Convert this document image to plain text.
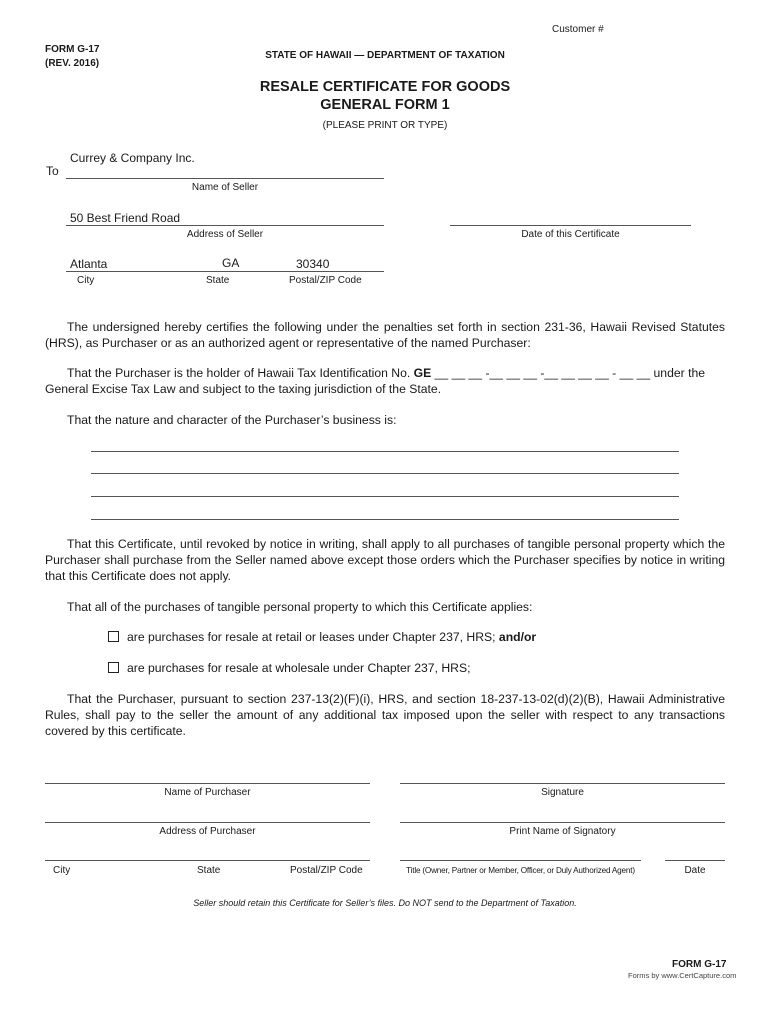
Customer #
FORM G-17
(REV. 2016)
STATE OF HAWAII — DEPARTMENT OF TAXATION
RESALE CERTIFICATE FOR GOODS
GENERAL FORM 1
(PLEASE PRINT OR TYPE)
To
Currey & Company Inc.
Name of Seller
50 Best Friend Road
Address of Seller	Date of this Certificate
Atlanta	GA	30340
City	State	Postal/ZIP Code
The undersigned hereby certifies the following under the penalties set forth in section 231-36, Hawaii Revised Statutes (HRS), as Purchaser or as an authorized agent or representative of the named Purchaser:
That the Purchaser is the holder of Hawaii Tax Identification No. GE __ __ __ -__ __ __ -__ __ __ __ - __ __ under the
General Excise Tax Law and subject to the taxing jurisdiction of the State.
That the nature and character of the Purchaser’s business is:
That this Certificate, until revoked by notice in writing, shall apply to all purchases of tangible personal property which the Purchaser shall purchase from the Seller named above except those orders which the Purchaser specifies by notice in writing that this Certificate does not apply.
That all of the purchases of tangible personal property to which this Certificate applies:
are purchases for resale at retail or leases under Chapter 237, HRS; and/or
are purchases for resale at wholesale under Chapter 237, HRS;
That the Purchaser, pursuant to section 237-13(2)(F)(i), HRS, and section 18-237-13-02(d)(2)(B), Hawaii Administrative Rules, shall pay to the seller the amount of any additional tax imposed upon the seller with respect to any transactions covered by this certificate.
Name of Purchaser	Signature
Address of Purchaser	Print Name of Signatory
City	State	Postal/ZIP Code	Title (Owner, Partner or Member, Officer, or Duly Authorized Agent)	Date
Seller should retain this Certificate for Seller’s files. Do NOT send to the Department of Taxation.
FORM G-17
Forms by www.CertCapture.com
